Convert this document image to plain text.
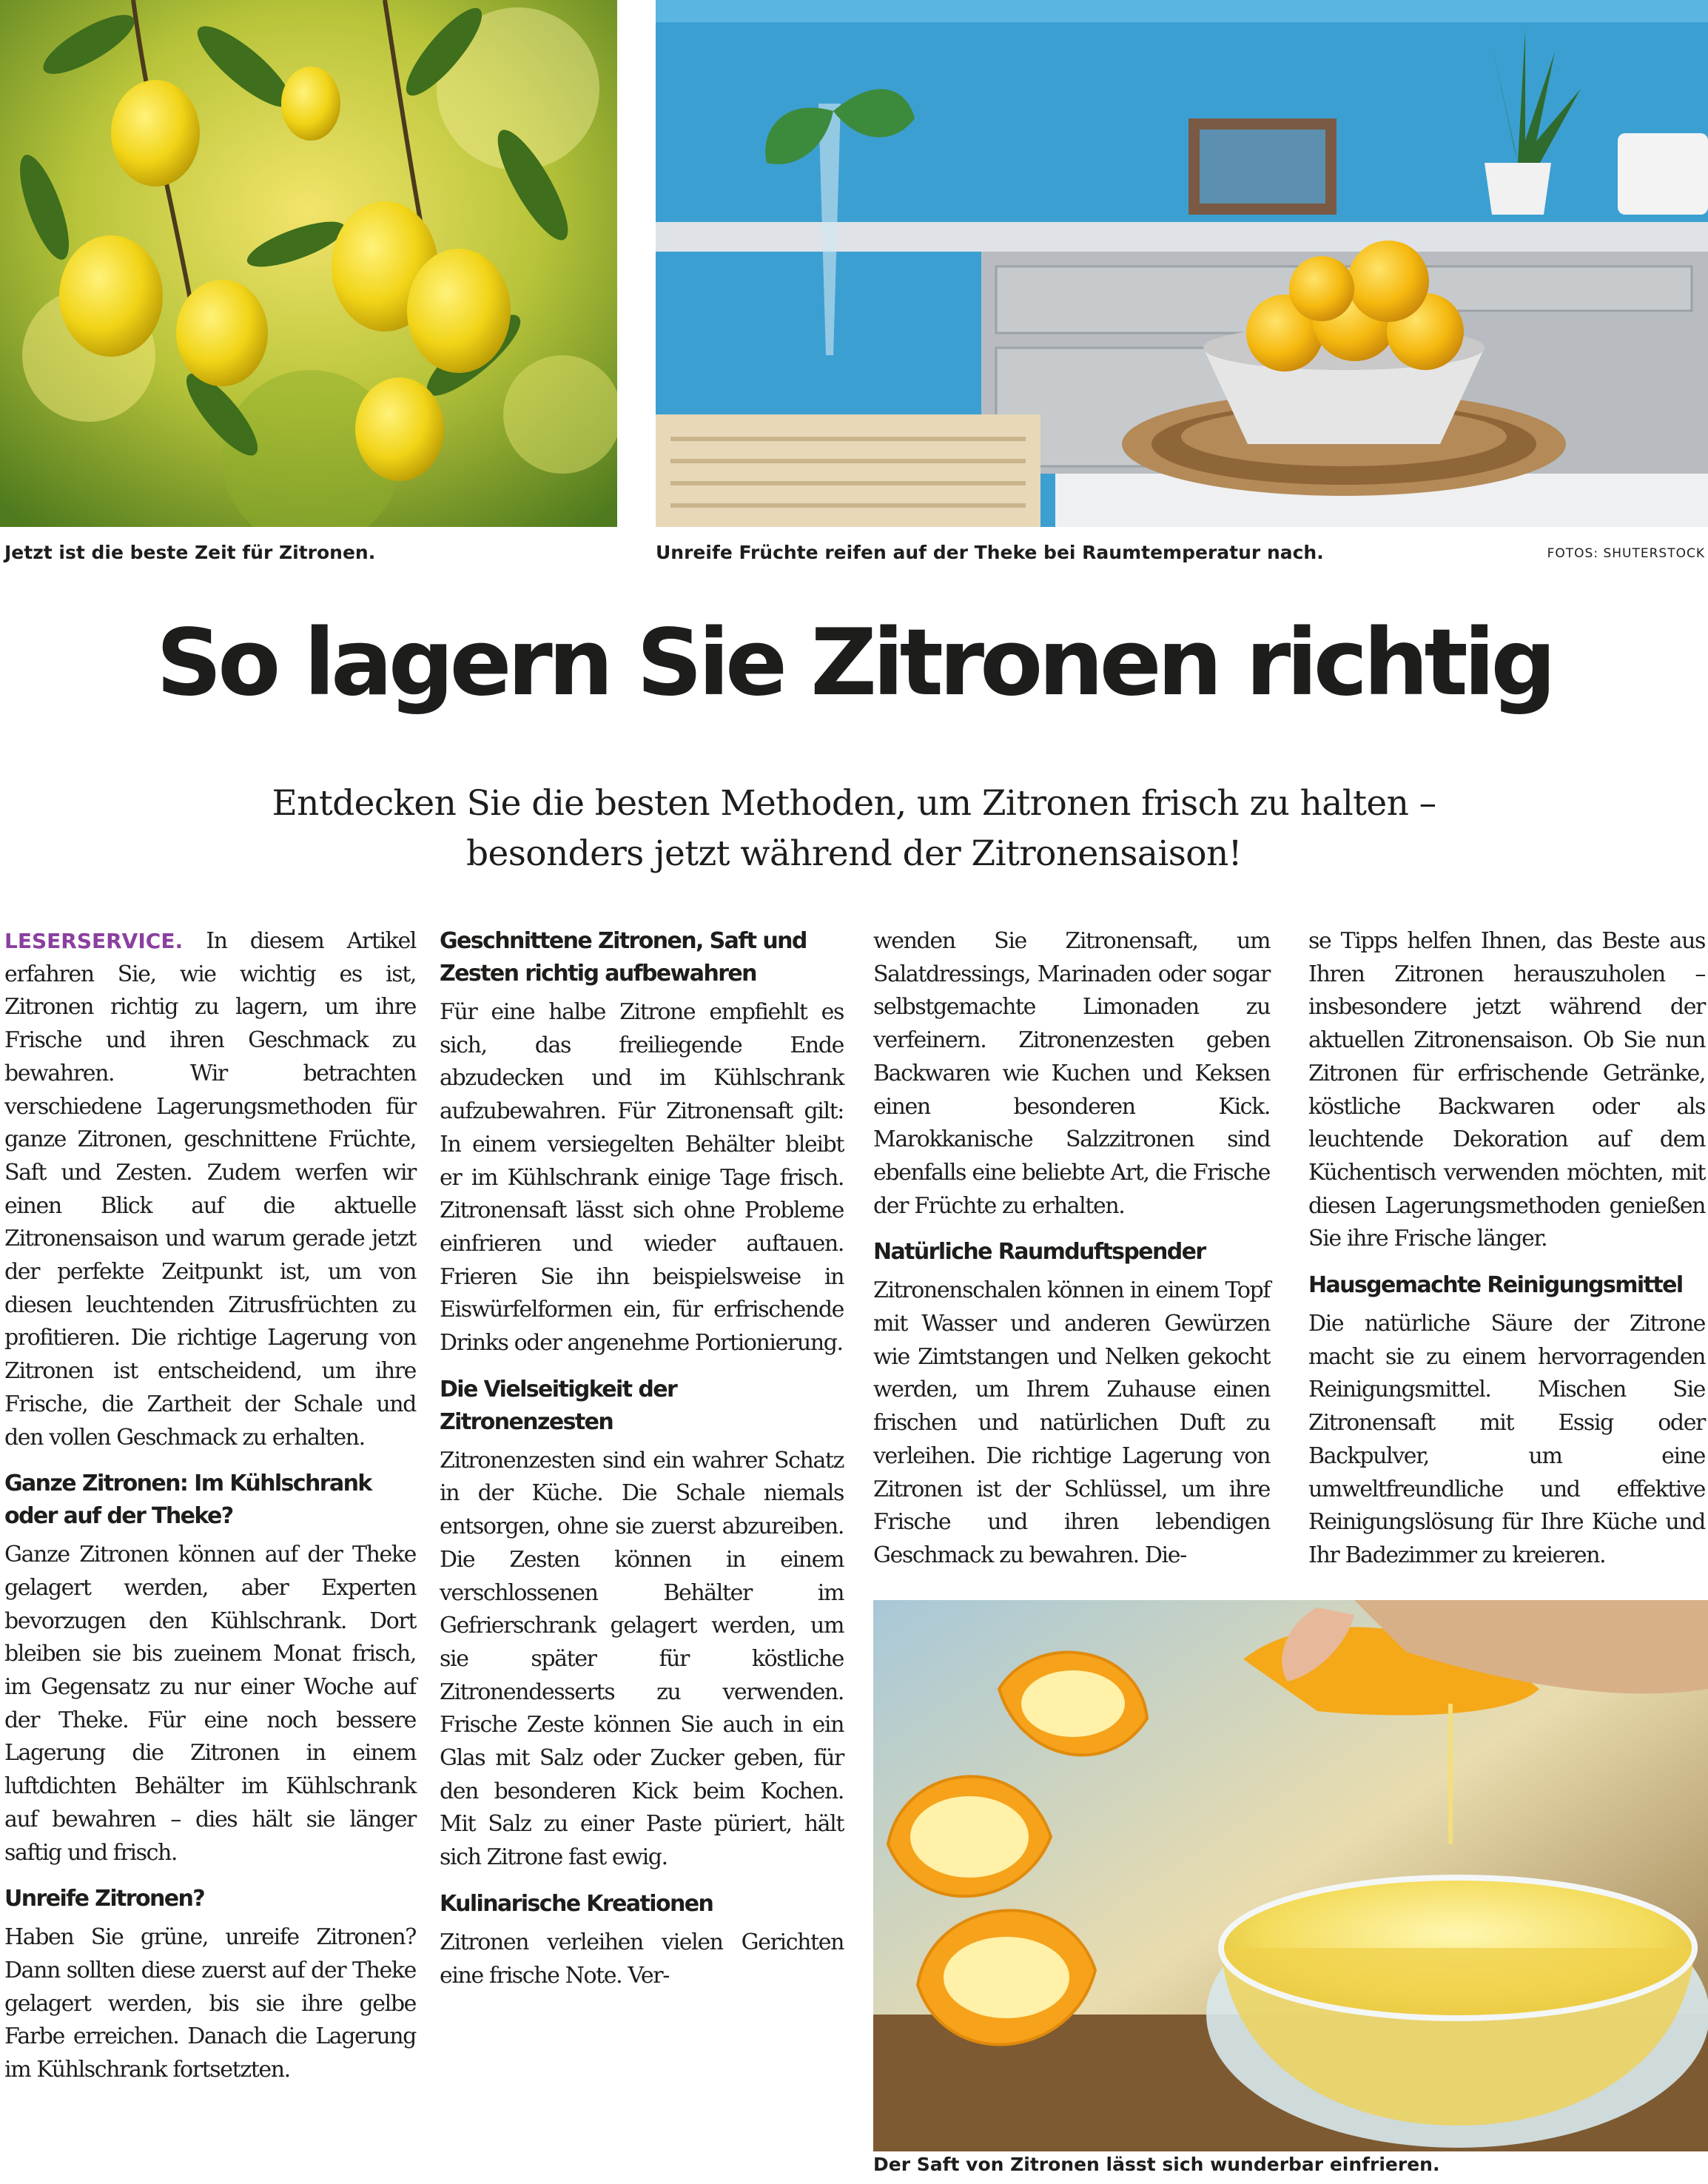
Jetzt ist die beste Zeit für Zitronen.	Unreife Früchte reifen auf der Theke bei Raumtemperatur nach.	FOTOS: SHUTERSTOCK
So lagern Sie Zitronen richtig
Entdecken Sie die besten Methoden, um Zitronen frisch zu halten –
besonders jetzt während der Zitronensaison!

LESERSERVICE. In diesem Artikel erfahren Sie, wie wichtig es ist, Zitronen richtig zu lagern, um ihre Frische und ihren Geschmack zu bewahren. Wir betrachten verschiedene Lagerungsmethoden für ganze Zitronen, geschnittene Früchte, Saft und Zesten. Zudem werfen wir einen Blick auf die aktuelle Zitronensaison und warum gerade jetzt der perfekte Zeitpunkt ist, um von diesen leuchtenden Zitrusfrüchten zu profitieren. Die richtige Lagerung von Zitronen ist entscheidend, um ihre Frische, die Zartheit der Schale und den vollen Geschmack zu erhalten.

Ganze Zitronen: Im Kühlschrank oder auf der Theke?

Ganze Zitronen können auf der Theke gelagert werden, aber Experten bevorzugen den Kühlschrank. Dort bleiben sie bis zueinem Monat frisch, im Gegensatz zu nur einer Woche auf der Theke. Für eine noch bessere Lagerung die Zitronen in einem luftdichten Behälter im Kühlschrank auf bewahren – dies hält sie länger saftig und frisch.

Unreife Zitronen?

Haben Sie grüne, unreife Zitronen? Dann sollten diese zuerst auf der Theke gelagert werden, bis sie ihre gelbe Farbe erreichen. Danach die Lagerung im Kühlschrank fortsetzten.

Geschnittene Zitronen, Saft und Zesten richtig aufbewahren

Für eine halbe Zitrone empfiehlt es sich, das freiliegende Ende abzudecken und im Kühlschrank aufzubewahren. Für Zitronensaft gilt: In einem versiegelten Behälter bleibt er im Kühlschrank einige Tage frisch. Zitronensaft lässt sich ohne Probleme einfrieren und wieder auftauen. Frieren Sie ihn beispielsweise in Eiswürfelformen ein, für erfrischende Drinks oder angenehme Portionierung.

Die Vielseitigkeit der Zitronenzesten

Zitronenzesten sind ein wahrer Schatz in der Küche. Die Schale niemals entsorgen, ohne sie zuerst abzureiben. Die Zesten können in einem verschlossenen Behälter im Gefrierschrank gelagert werden, um sie später für köstliche Zitronendesserts zu verwenden. Frische Zeste können Sie auch in ein Glas mit Salz oder Zucker geben, für den besonderen Kick beim Kochen. Mit Salz zu einer Paste püriert, hält sich Zitrone fast ewig.

Kulinarische Kreationen

Zitronen verleihen vielen Gerichten eine frische Note. Ver-

wenden Sie Zitronensaft, um Salatdressings, Marinaden oder sogar selbstgemachte Limonaden zu verfeinern. Zitronenzesten geben Backwaren wie Kuchen und Keksen einen besonderen Kick. Marokkanische Salzzitronen sind ebenfalls eine beliebte Art, die Frische der Früchte zu erhalten.

Natürliche Raumduftspender

Zitronenschalen können in einem Topf mit Wasser und anderen Gewürzen wie Zimtstangen und Nelken gekocht werden, um Ihrem Zuhause einen frischen und natürlichen Duft zu verleihen. Die richtige Lagerung von Zitronen ist der Schlüssel, um ihre Frische und ihren lebendigen Geschmack zu bewahren. Die-

se Tipps helfen Ihnen, das Beste aus Ihren Zitronen herauszuholen – insbesondere jetzt während der aktuellen Zitronensaison. Ob Sie nun Zitronen für erfrischende Getränke, köstliche Backwaren oder als leuchtende Dekoration auf dem Küchentisch verwenden möchten, mit diesen Lagerungsmethoden genießen Sie ihre Frische länger.

Hausgemachte Reinigungsmittel

Die natürliche Säure der Zitrone macht sie zu einem hervorragenden Reinigungsmittel. Mischen Sie Zitronensaft mit Essig oder Backpulver, um eine umweltfreundliche und effektive Reinigungslösung für Ihre Küche und Ihr Badezimmer zu kreieren.

Der Saft von Zitronen lässt sich wunderbar einfrieren.
